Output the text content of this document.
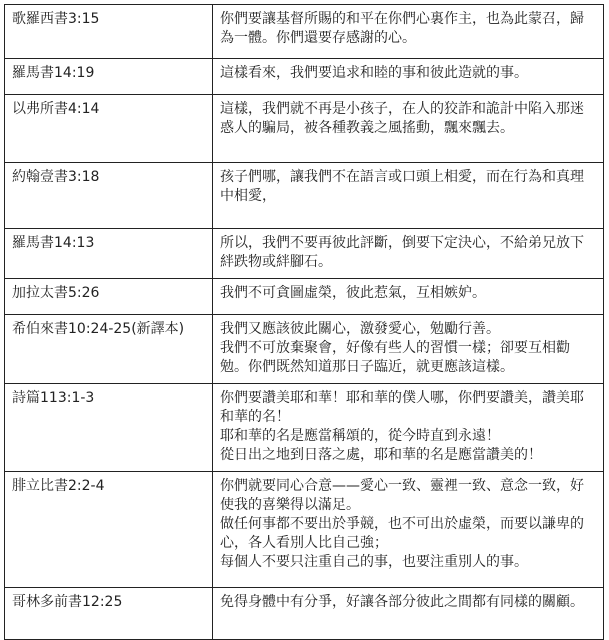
歌羅西書3:15	你們要讓基督所賜的和平在你們心裏作主，也為此蒙召，歸為一體。你們還要存感謝的心。

羅馬書14:19	這樣看來，我們要追求和睦的事和彼此造就的事。

以弗所書4:14	這樣，我們就不再是小孩子，在人的狡詐和詭計中陷入那迷惑人的騙局，被各種教義之風搖動，飄來飄去。

約翰壹書3:18	孩子們哪，讓我們不在語言或口頭上相愛，而在行為和真理中相愛，

羅馬書14:13	所以，我們不要再彼此評斷，倒要下定決心，不給弟兄放下絆跌物或絆腳石。

加拉太書5:26	我們不可貪圖虛榮，彼此惹氣，互相嫉妒。

希伯來書10:24-25(新譯本)	我們又應該彼此關心，激發愛心，勉勵行善。
我們不可放棄聚會，好像有些人的習慣一樣；卻要互相勸勉。你們既然知道那日子臨近，就更應該這樣。

詩篇113:1-3	你們要讚美耶和華！耶和華的僕人哪，你們要讚美，讚美耶和華的名！
耶和華的名是應當稱頌的，從今時直到永遠！
從日出之地到日落之處，耶和華的名是應當讚美的！

腓立比書2:2-4	你們就要同心合意——愛心一致、靈裡一致、意念一致，好使我的喜樂得以滿足。
做任何事都不要出於爭競，也不可出於虛榮，而要以謙卑的心，各人看別人比自己強；
每個人不要只注重自己的事，也要注重別人的事。

哥林多前書12:25	免得身體中有分爭，好讓各部分彼此之間都有同樣的關顧。
